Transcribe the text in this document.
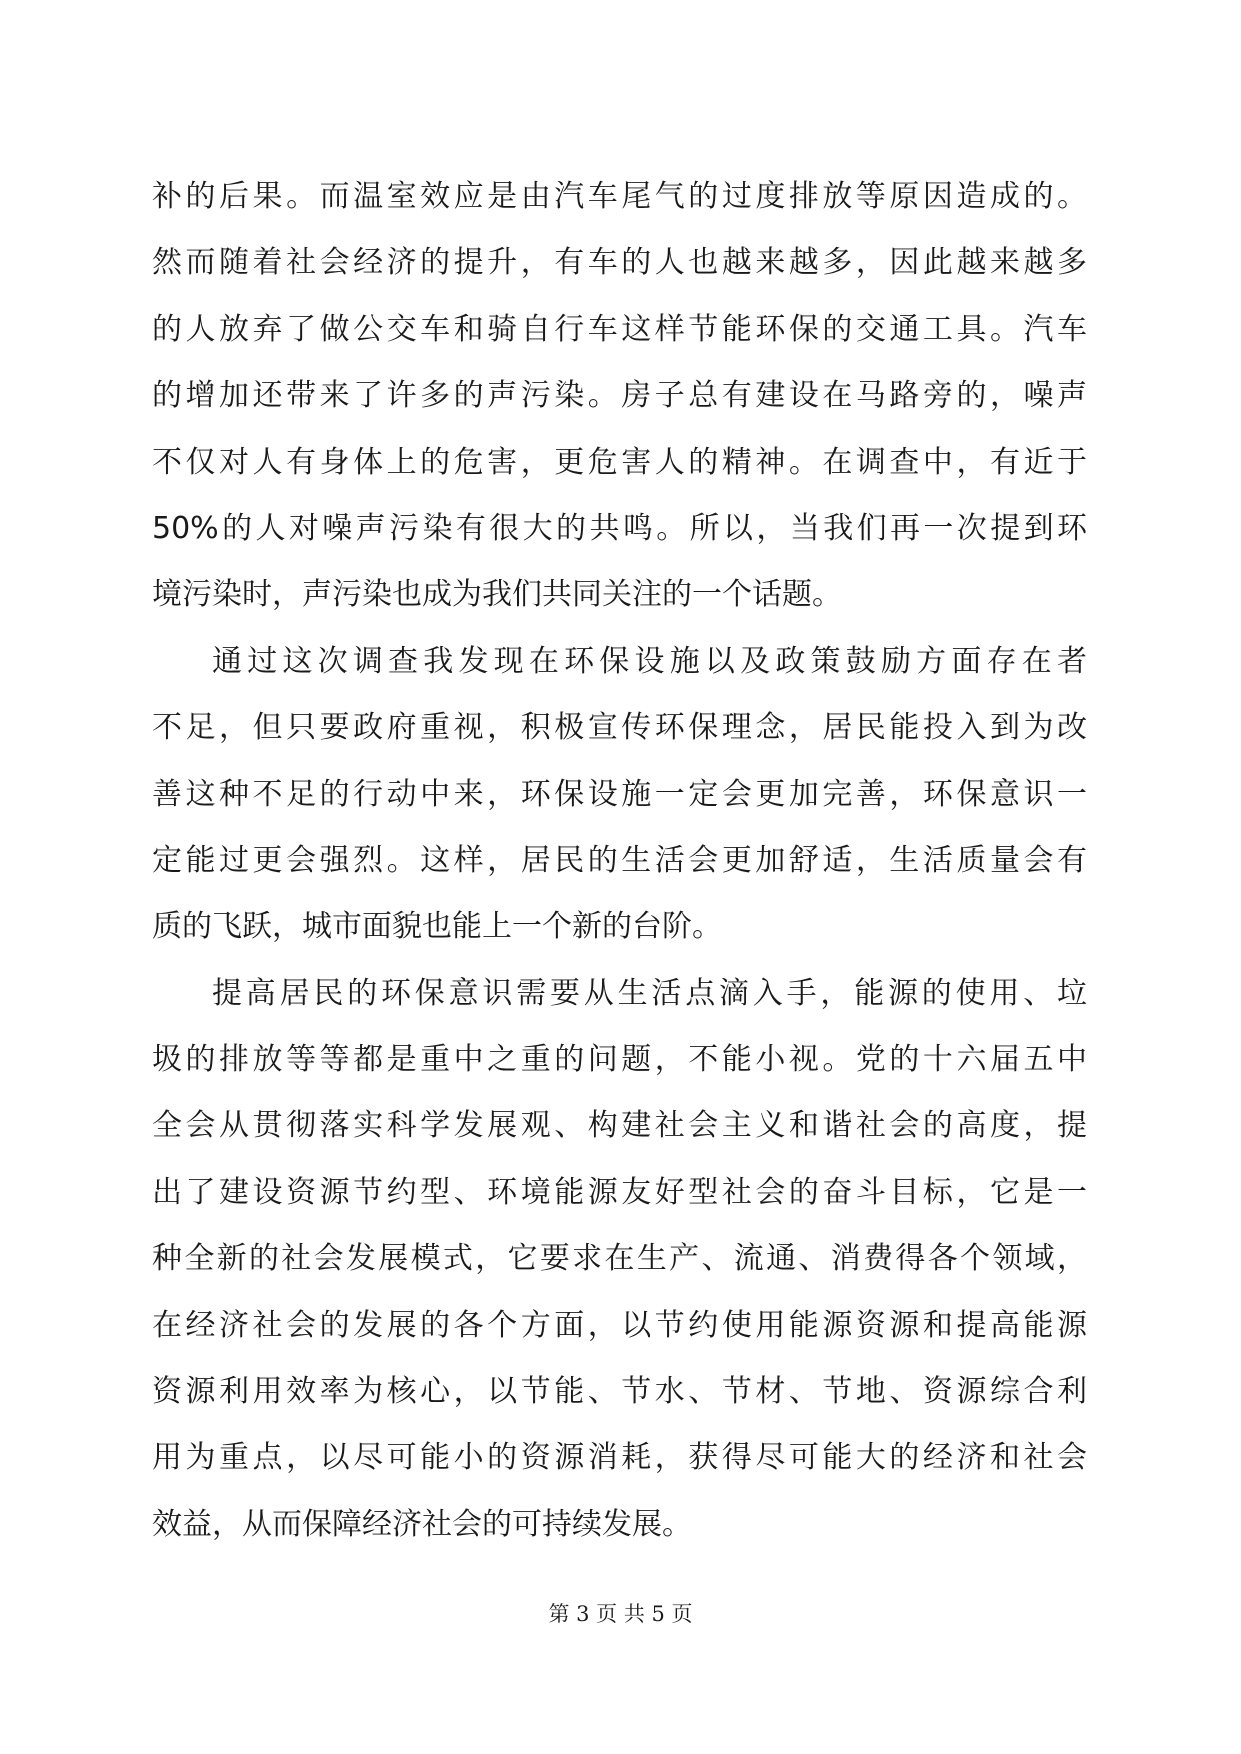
补的后果。而温室效应是由汽车尾气的过度排放等原因造成的。
然而随着社会经济的提升，有车的人也越来越多，因此越来越多
的人放弃了做公交车和骑自行车这样节能环保的交通工具。汽车
的增加还带来了许多的声污染。房子总有建设在马路旁的，噪声
不仅对人有身体上的危害，更危害人的精神。在调查中，有近于
50%的人对噪声污染有很大的共鸣。所以，当我们再一次提到环
境污染时，声污染也成为我们共同关注的一个话题。
通过这次调查我发现在环保设施以及政策鼓励方面存在者
不足，但只要政府重视，积极宣传环保理念，居民能投入到为改
善这种不足的行动中来，环保设施一定会更加完善，环保意识一
定能过更会强烈。这样，居民的生活会更加舒适，生活质量会有
质的飞跃，城市面貌也能上一个新的台阶。
提高居民的环保意识需要从生活点滴入手，能源的使用、垃
圾的排放等等都是重中之重的问题，不能小视。党的十六届五中
全会从贯彻落实科学发展观、构建社会主义和谐社会的高度，提
出了建设资源节约型、环境能源友好型社会的奋斗目标，它是一
种全新的社会发展模式，它要求在生产、流通、消费得各个领域，
在经济社会的发展的各个方面，以节约使用能源资源和提高能源
资源利用效率为核心，以节能、节水、节材、节地、资源综合利
用为重点，以尽可能小的资源消耗，获得尽可能大的经济和社会
效益，从而保障经济社会的可持续发展。
第 3 页 共 5 页
